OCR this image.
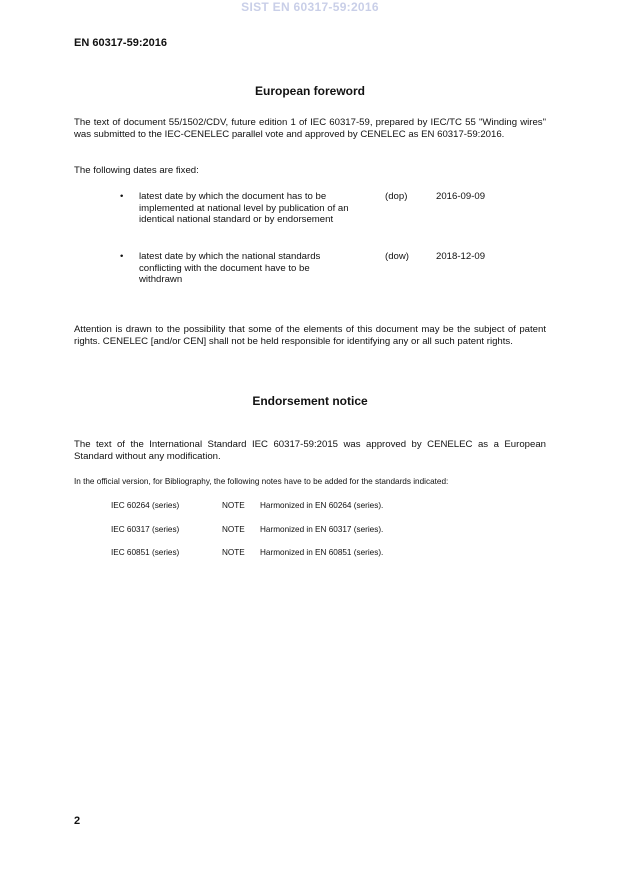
SIST EN 60317-59:2016
EN 60317-59:2016
European foreword
The text of document 55/1502/CDV, future edition 1 of IEC 60317-59, prepared by IEC/TC 55 "Winding wires" was submitted to the IEC-CENELEC parallel vote and approved by CENELEC as EN 60317-59:2016.
The following dates are fixed:
• latest date by which the document has to be implemented at national level by publication of an identical national standard or by endorsement
(dop)	2016-09-09
• latest date by which the national standards conflicting with the document have to be withdrawn
(dow)	2018-12-09
Attention is drawn to the possibility that some of the elements of this document may be the subject of patent rights. CENELEC [and/or CEN] shall not be held responsible for identifying any or all such patent rights.
Endorsement notice
The text of the International Standard IEC 60317-59:2015 was approved by CENELEC as a European Standard without any modification.
In the official version, for Bibliography, the following notes have to be added for the standards indicated:
IEC 60264 (series)	NOTE Harmonized in EN 60264 (series).
IEC 60317 (series)	NOTE Harmonized in EN 60317 (series).
IEC 60851 (series)	NOTE Harmonized in EN 60851 (series).
2
